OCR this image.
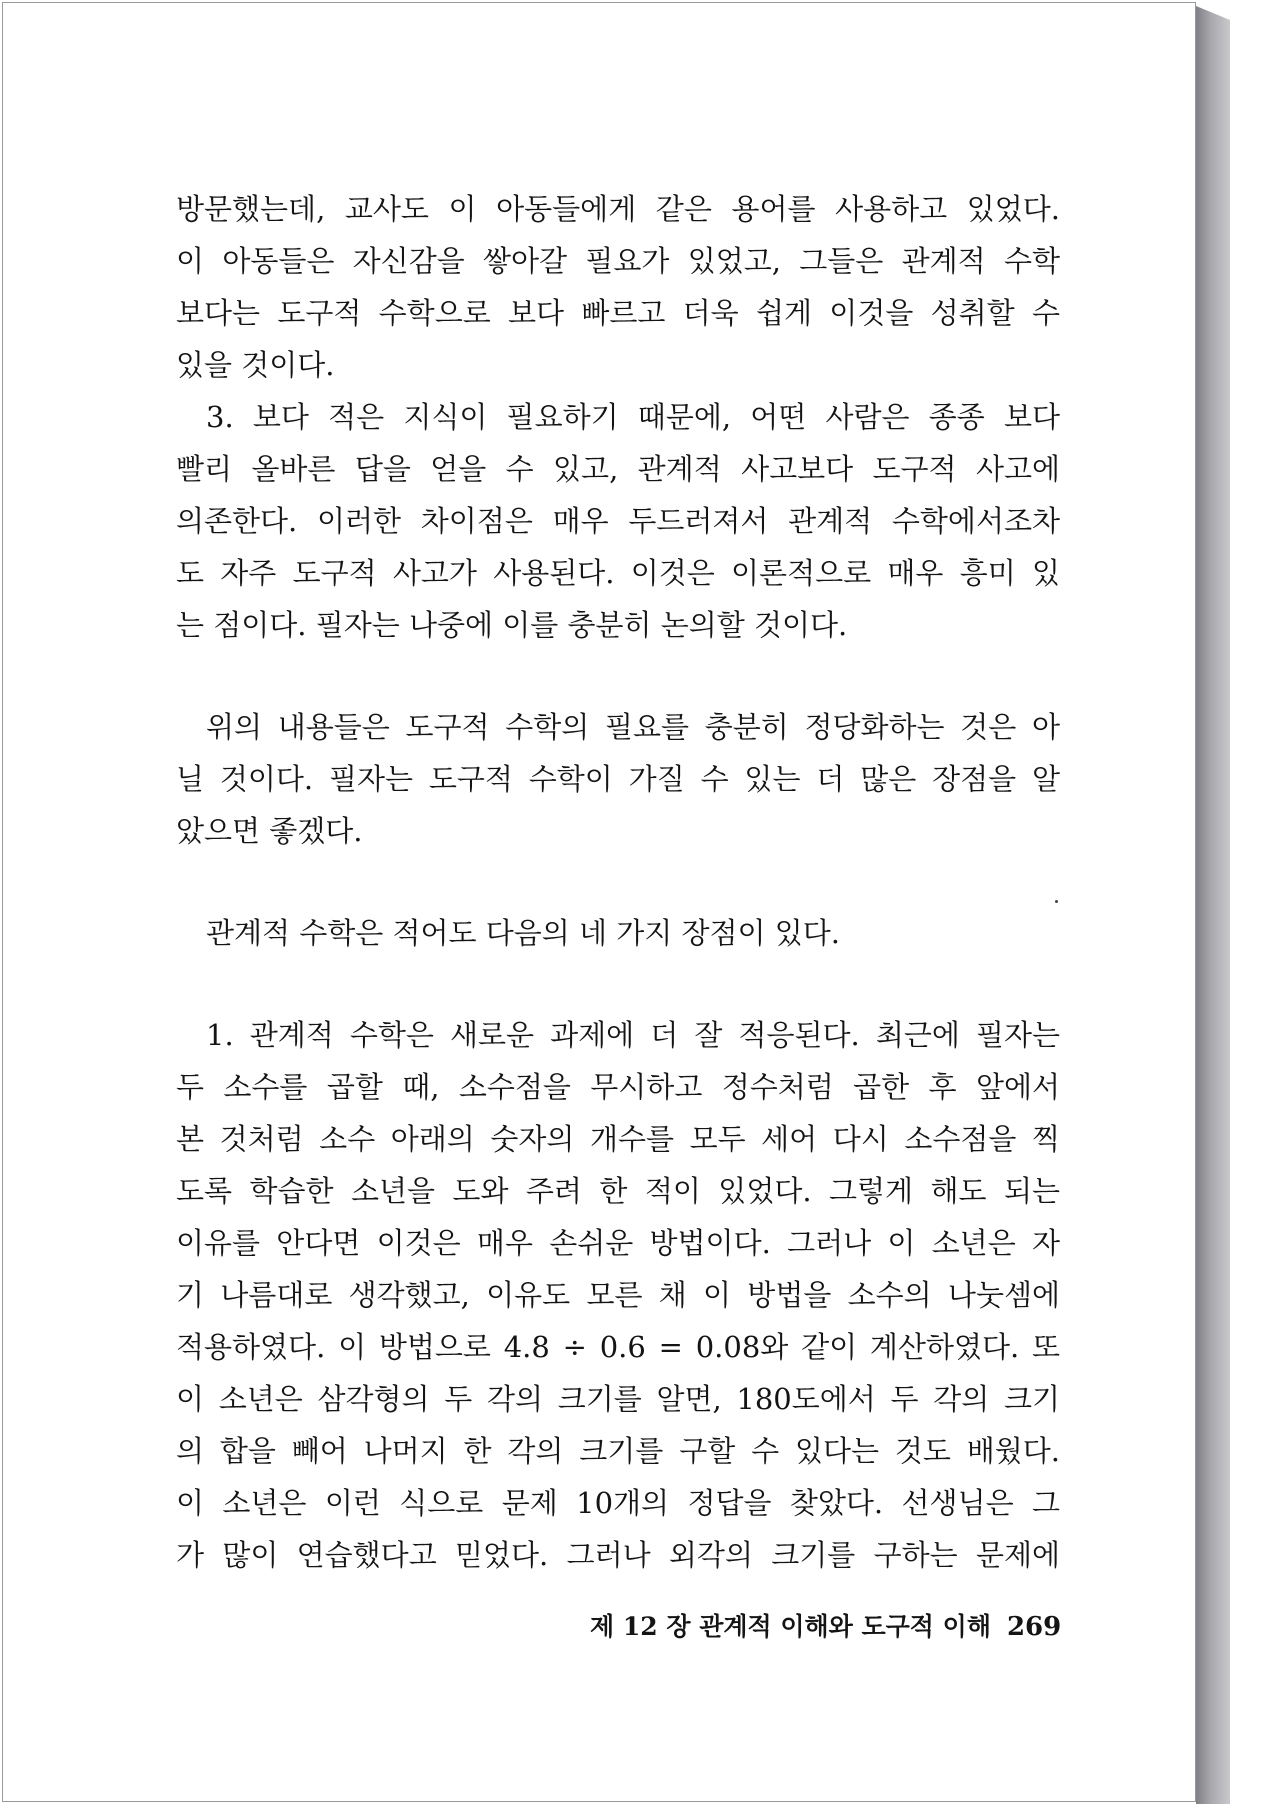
방문했는데, 교사도 이 아동들에게 같은 용어를 사용하고 있었다.
이 아동들은 자신감을 쌓아갈 필요가 있었고, 그들은 관계적 수학
보다는 도구적 수학으로 보다 빠르고 더욱 쉽게 이것을 성취할 수
있을 것이다.
3. 보다 적은 지식이 필요하기 때문에, 어떤 사람은 종종 보다
빨리 올바른 답을 얻을 수 있고, 관계적 사고보다 도구적 사고에
의존한다. 이러한 차이점은 매우 두드러져서 관계적 수학에서조차
도 자주 도구적 사고가 사용된다. 이것은 이론적으로 매우 흥미 있
는 점이다. 필자는 나중에 이를 충분히 논의할 것이다.
위의 내용들은 도구적 수학의 필요를 충분히 정당화하는 것은 아
닐 것이다. 필자는 도구적 수학이 가질 수 있는 더 많은 장점을 알
았으면 좋겠다.
관계적 수학은 적어도 다음의 네 가지 장점이 있다.
1. 관계적 수학은 새로운 과제에 더 잘 적응된다. 최근에 필자는
두 소수를 곱할 때, 소수점을 무시하고 정수처럼 곱한 후 앞에서
본 것처럼 소수 아래의 숫자의 개수를 모두 세어 다시 소수점을 찍
도록 학습한 소년을 도와 주려 한 적이 있었다. 그렇게 해도 되는
이유를 안다면 이것은 매우 손쉬운 방법이다. 그러나 이 소년은 자
기 나름대로 생각했고, 이유도 모른 채 이 방법을 소수의 나눗셈에
적용하였다. 이 방법으로 4.8 ÷ 0.6 = 0.08와 같이 계산하였다. 또
이 소년은 삼각형의 두 각의 크기를 알면, 180도에서 두 각의 크기
의 합을 빼어 나머지 한 각의 크기를 구할 수 있다는 것도 배웠다.
이 소년은 이런 식으로 문제 10개의 정답을 찾았다. 선생님은 그
가 많이 연습했다고 믿었다. 그러나 외각의 크기를 구하는 문제에
제 12 장 관계적 이해와 도구적 이해 269
